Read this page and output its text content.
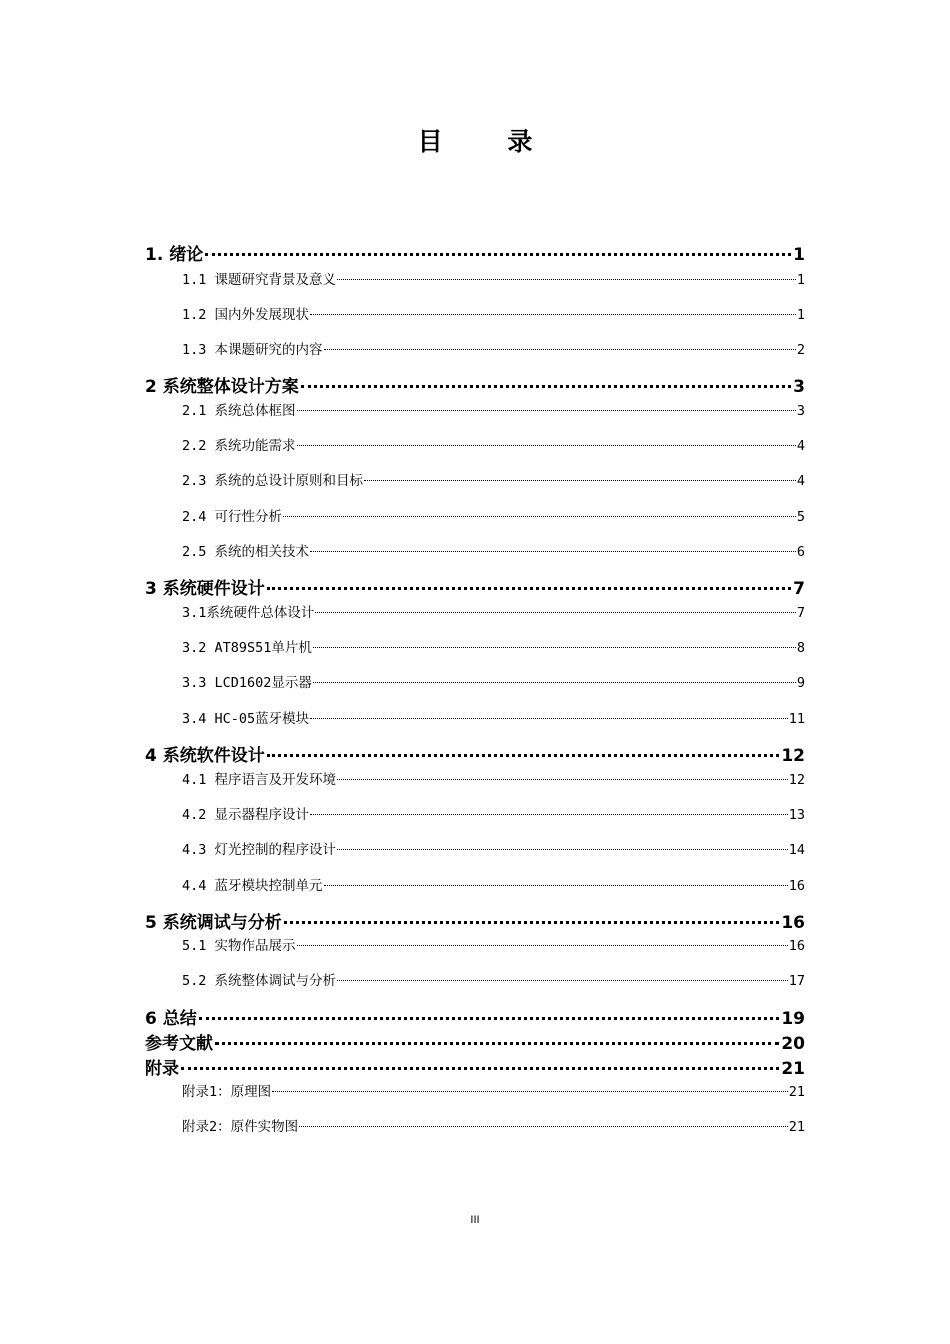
目 录
1. 绪论	1
1.1 课题研究背景及意义	1
1.2 国内外发展现状	1
1.3 本课题研究的内容	2
2 系统整体设计方案	3
2.1 系统总体框图	3
2.2 系统功能需求	4
2.3 系统的总设计原则和目标	4
2.4 可行性分析	5
2.5 系统的相关技术	6
3 系统硬件设计	7
3.1系统硬件总体设计	7
3.2 AT89S51单片机	8
3.3 LCD1602显示器	9
3.4 HC-05蓝牙模块	11
4 系统软件设计	12
4.1 程序语言及开发环境	12
4.2 显示器程序设计	13
4.3 灯光控制的程序设计	14
4.4 蓝牙模块控制单元	16
5 系统调试与分析	16
5.1 实物作品展示	16
5.2 系统整体调试与分析	17
6 总结	19
参考文献	20
附录	21
附录1：原理图	21
附录2：原件实物图	21
III
